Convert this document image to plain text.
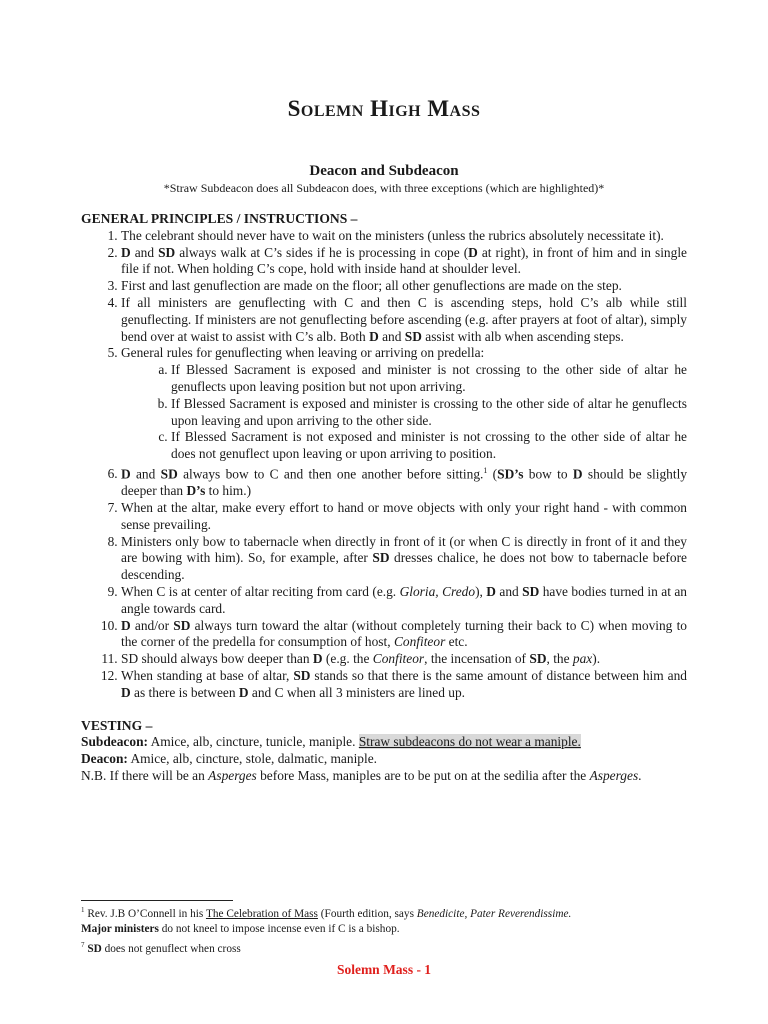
Solemn High Mass
Deacon and Subdeacon
*Straw Subdeacon does all Subdeacon does, with three exceptions (which are highlighted)*
GENERAL PRINCIPLES / INSTRUCTIONS –
1. The celebrant should never have to wait on the ministers (unless the rubrics absolutely necessitate it).
2. D and SD always walk at C’s sides if he is processing in cope (D at right), in front of him and in single file if not. When holding C’s cope, hold with inside hand at shoulder level.
3. First and last genuflection are made on the floor; all other genuflections are made on the step.
4. If all ministers are genuflecting with C and then C is ascending steps, hold C’s alb while still genuflecting. If ministers are not genuflecting before ascending (e.g. after prayers at foot of altar), simply bend over at waist to assist with C’s alb. Both D and SD assist with alb when ascending steps.
5. General rules for genuflecting when leaving or arriving on predella:
a. If Blessed Sacrament is exposed and minister is not crossing to the other side of altar he genuflects upon leaving position but not upon arriving.
b. If Blessed Sacrament is exposed and minister is crossing to the other side of altar he genuflects upon leaving and upon arriving to the other side.
c. If Blessed Sacrament is not exposed and minister is not crossing to the other side of altar he does not genuflect upon leaving or upon arriving to position.
6. D and SD always bow to C and then one another before sitting.$^1$ (SD’s bow to D should be slightly deeper than D’s to him.)
7. When at the altar, make every effort to hand or move objects with only your right hand - with common sense prevailing.
8. Ministers only bow to tabernacle when directly in front of it (or when C is directly in front of it and they are bowing with him). So, for example, after SD dresses chalice, he does not bow to tabernacle before descending.
9. When C is at center of altar reciting from card (e.g. Gloria, Credo), D and SD have bodies turned in at an angle towards card.
10. D and/or SD always turn toward the altar (without completely turning their back to C) when moving to the corner of the predella for consumption of host, Confiteor etc.
11. SD should always bow deeper than D (e.g. the Confiteor, the incensation of SD, the pax).
12. When standing at base of altar, SD stands so that there is the same amount of distance between him and D as there is between D and C when all 3 ministers are lined up.
VESTING –
Subdeacon: Amice, alb, cincture, tunicle, maniple. Straw subdeacons do not wear a maniple.
Deacon: Amice, alb, cincture, stole, dalmatic, maniple.
N.B. If there will be an Asperges before Mass, maniples are to be put on at the sedilia after the Asperges.
$^1$ Rev. J.B O’Connell in his The Celebration of Mass (Fourth edition, says Benedicite, Pater Reverendissime.
Major ministers do not kneel to impose incense even if C is a bishop.
$^7$ SD does not genuflect when cross
Solemn Mass - 1
